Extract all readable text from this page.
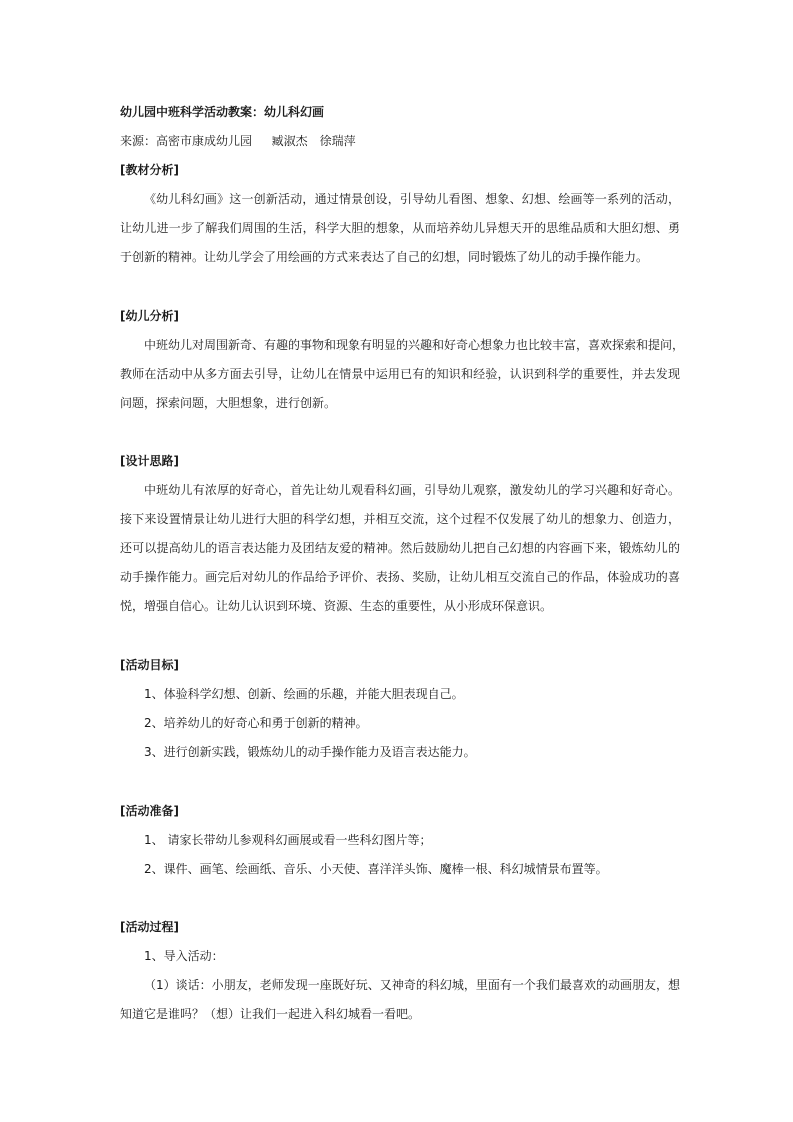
幼儿园中班科学活动教案：幼儿科幻画
来源：高密市康成幼儿园 　 臧淑杰　徐瑞萍
[教材分析]
《幼儿科幻画》这一创新活动，通过情景创设，引导幼儿看图、想象、幻想、绘画等一系列的活动，
让幼儿进一步了解我们周围的生活，科学大胆的想象，从而培养幼儿异想天开的思维品质和大胆幻想、勇
于创新的精神。让幼儿学会了用绘画的方式来表达了自己的幻想，同时锻炼了幼儿的动手操作能力。
[幼儿分析]
中班幼儿对周围新奇、有趣的事物和现象有明显的兴趣和好奇心想象力也比较丰富，喜欢探索和提问，
教师在活动中从多方面去引导，让幼儿在情景中运用已有的知识和经验，认识到科学的重要性，并去发现
问题，探索问题，大胆想象，进行创新。
[设计思路]
中班幼儿有浓厚的好奇心，首先让幼儿观看科幻画，引导幼儿观察，激发幼儿的学习兴趣和好奇心。
接下来设置情景让幼儿进行大胆的科学幻想，并相互交流，这个过程不仅发展了幼儿的想象力、创造力，
还可以提高幼儿的语言表达能力及团结友爱的精神。然后鼓励幼儿把自己幻想的内容画下来，锻炼幼儿的
动手操作能力。画完后对幼儿的作品给予评价、表扬、奖励，让幼儿相互交流自己的作品，体验成功的喜
悦，增强自信心。让幼儿认识到环境、资源、生态的重要性，从小形成环保意识。
[活动目标]
1、体验科学幻想、创新、绘画的乐趣，并能大胆表现自己。
2、培养幼儿的好奇心和勇于创新的精神。
3、进行创新实践，锻炼幼儿的动手操作能力及语言表达能力。
[活动准备]
1、 请家长带幼儿参观科幻画展或看一些科幻图片等；
2、课件、画笔、绘画纸、音乐、小天使、喜洋洋头饰、魔棒一根、科幻城情景布置等。
[活动过程]
1、导入活动：
（1）谈话：小朋友，老师发现一座既好玩、又神奇的科幻城，里面有一个我们最喜欢的动画朋友，想
知道它是谁吗？（想）让我们一起进入科幻城看一看吧。
